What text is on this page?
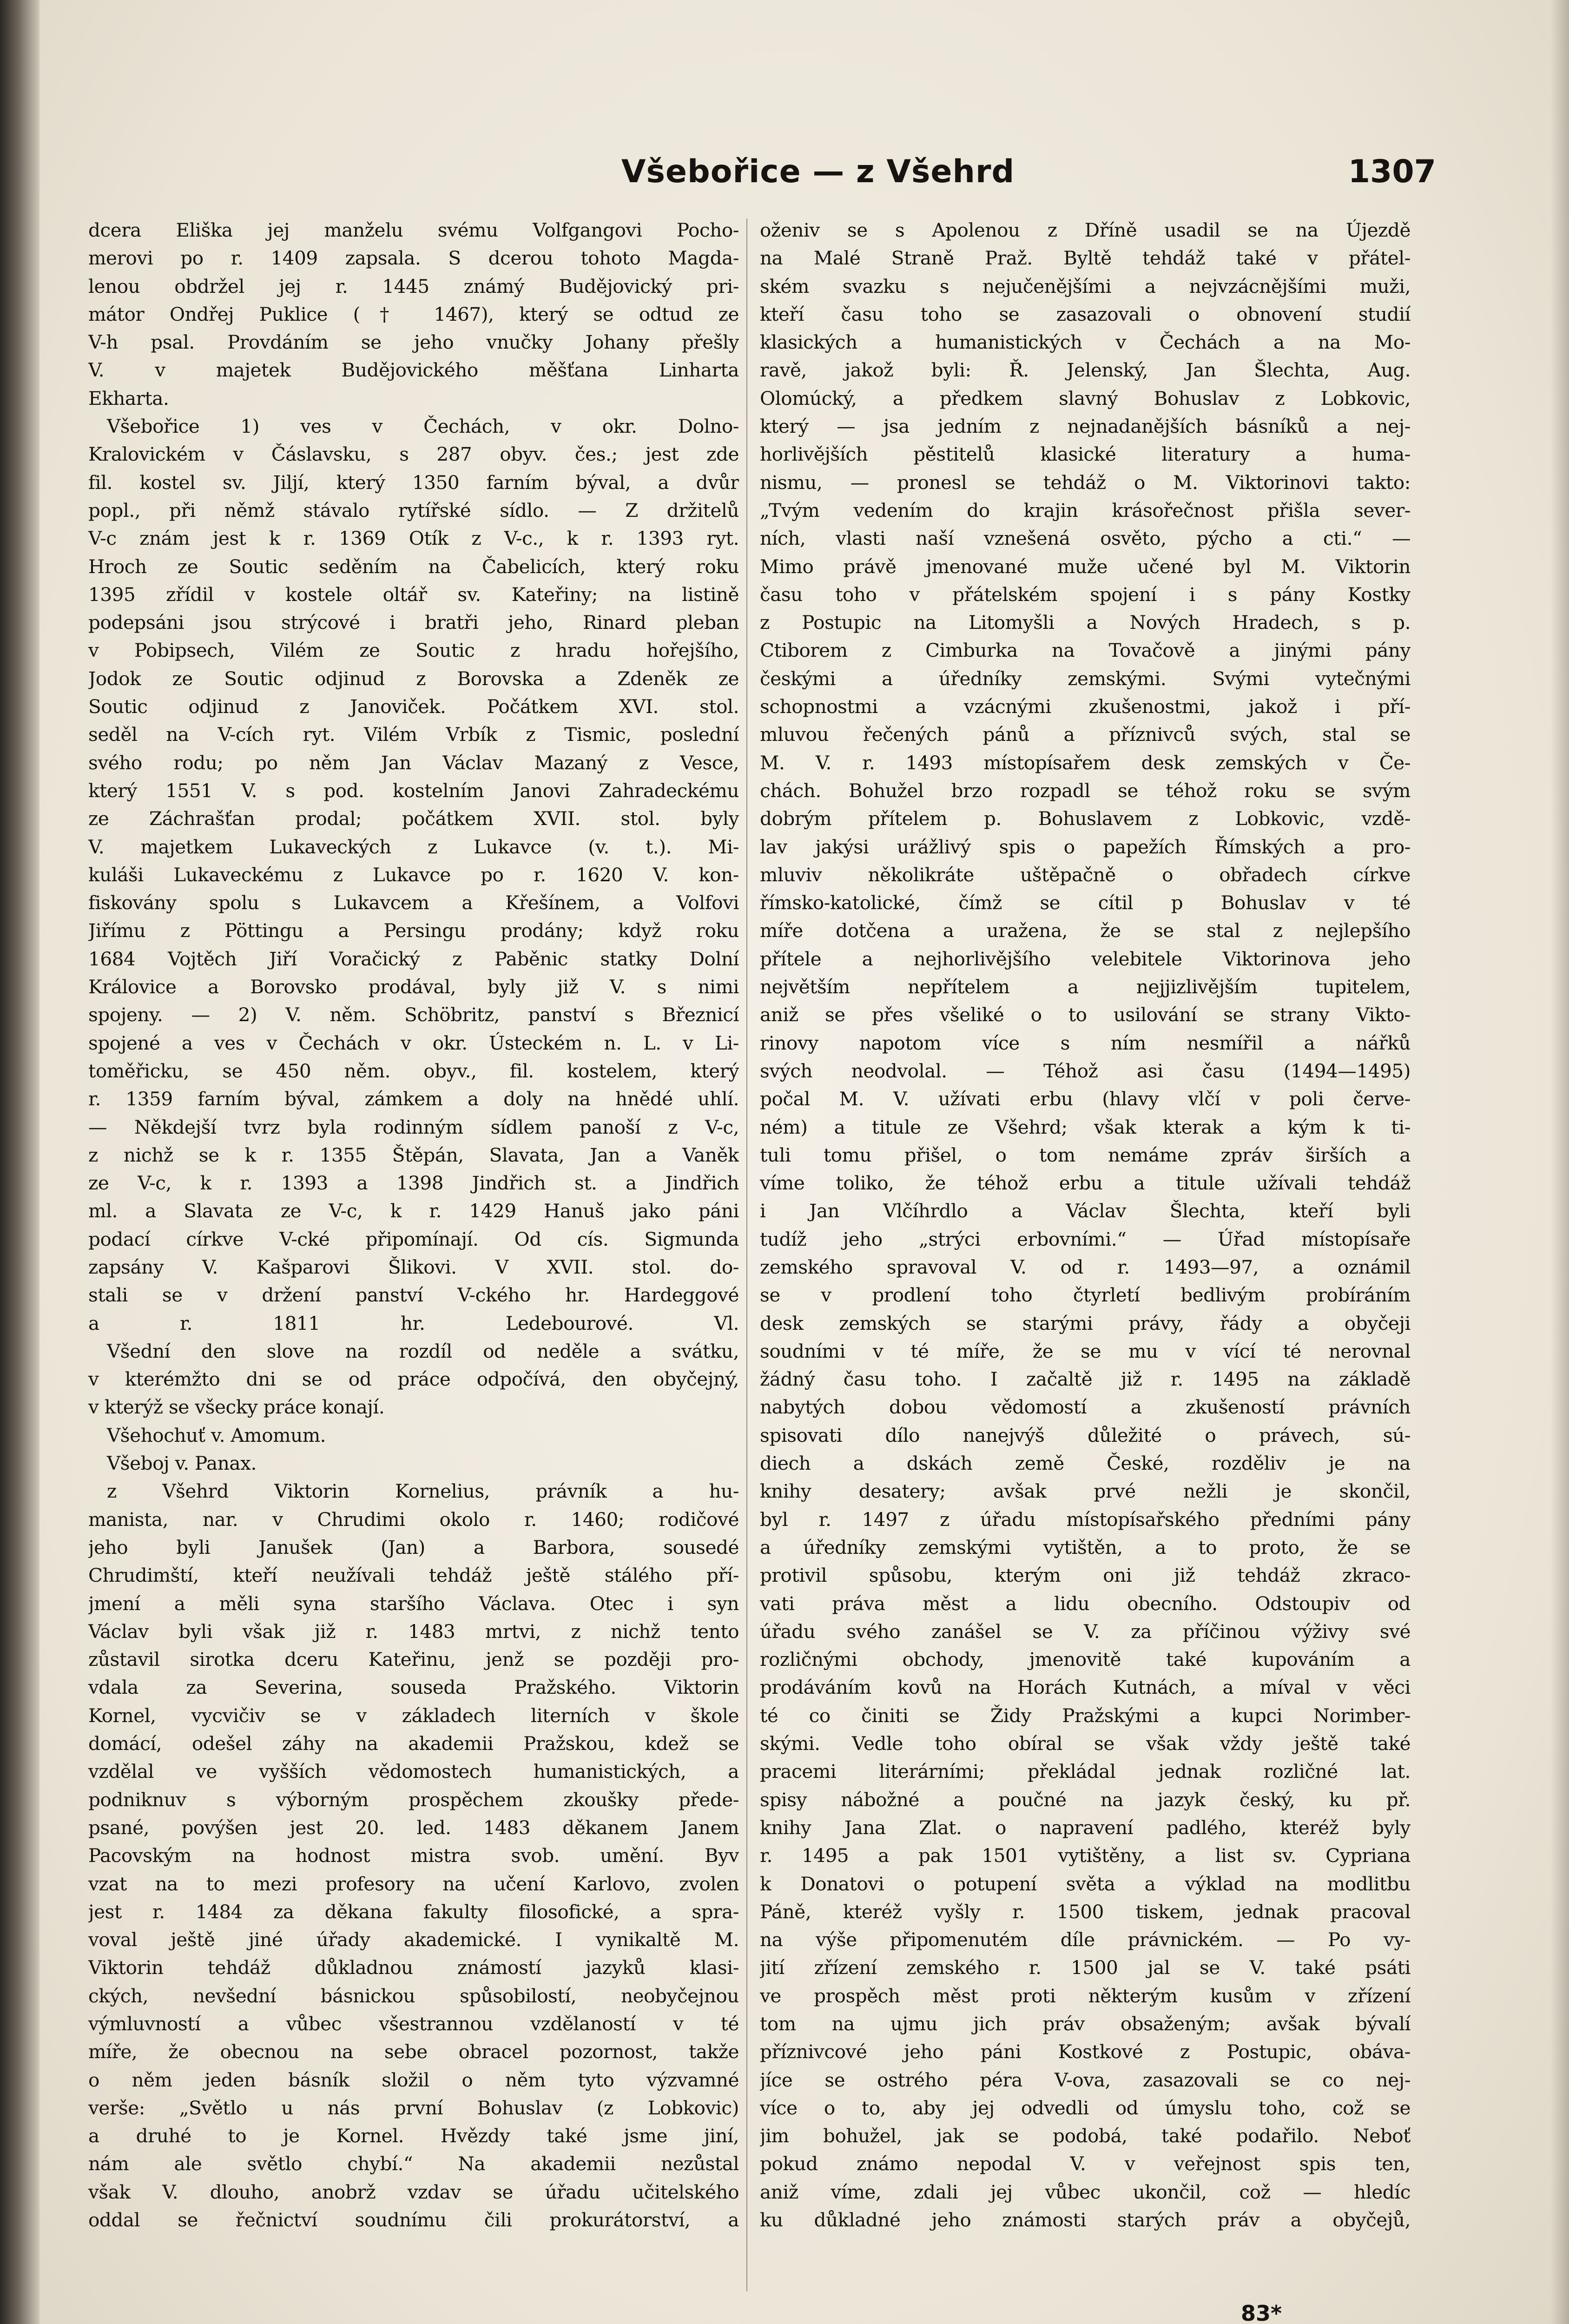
Všebořice — z Všehrd	1307
dcera Eliška jej manželu svému Volfgangovi Pocho-
merovi po r. 1409 zapsala. S dcerou tohoto Magda-
lenou obdržel jej r. 1445 známý Budějovický pri-
mátor Ondřej Puklice († 1467), který se odtud ze
V-h psal. Provdáním se jeho vnučky Johany přešly
V. v majetek Budějovického měšťana Linharta
Ekharta.
Všebořice 1) ves v Čechách, v okr. Dolno-
Kralovickém v Čáslavsku, s 287 obyv. čes.; jest zde
fil. kostel sv. Jiljí, který 1350 farním býval, a dvůr
popl., při němž stávalo rytířské sídlo. — Z držitelů
V-c znám jest k r. 1369 Otík z V-c., k r. 1393 ryt.
Hroch ze Soutic seděním na Čabelicích, který roku
1395 zřídil v kostele oltář sv. Kateřiny; na listině
podepsáni jsou strýcové i bratři jeho, Rinard pleban
v Pobipsech, Vilém ze Soutic z hradu hořejšího,
Jodok ze Soutic odjinud z Borovska a Zdeněk ze
Soutic odjinud z Janoviček. Počátkem XVI. stol.
seděl na V-cích ryt. Vilém Vrbík z Tismic, poslední
svého rodu; po něm Jan Václav Mazaný z Vesce,
který 1551 V. s pod. kostelním Janovi Zahradeckému
ze Záchrašťan prodal; počátkem XVII. stol. byly
V. majetkem Lukaveckých z Lukavce (v. t.). Mi-
kuláši Lukaveckému z Lukavce po r. 1620 V. kon-
fiskovány spolu s Lukavcem a Křešínem, a Volfovi
Jiřímu z Pöttingu a Persingu prodány; když roku
1684 Vojtěch Jiří Voračický z Paběnic statky Dolní
Královice a Borovsko prodával, byly již V. s nimi
spojeny. — 2) V. něm. Schöbritz, panství s Březnicí
spojené a ves v Čechách v okr. Ústeckém n. L. v Li-
toměřicku, se 450 něm. obyv., fil. kostelem, který
r. 1359 farním býval, zámkem a doly na hnědé uhlí.
— Někdejší tvrz byla rodinným sídlem panoší z V-c,
z nichž se k r. 1355 Štěpán, Slavata, Jan a Vaněk
ze V-c, k r. 1393 a 1398 Jindřich st. a Jindřich
ml. a Slavata ze V-c, k r. 1429 Hanuš jako páni
podací církve V-cké připomínají. Od cís. Sigmunda
zapsány V. Kašparovi Šlikovi. V XVII. stol. do-
stali se v držení panství V-ckého hr. Hardeggové
a r. 1811 hr. Ledebourové. Vl.
Všední den slove na rozdíl od neděle a svátku,
v kterémžto dni se od práce odpočívá, den obyčejný,
v kterýž se všecky práce konají.
Všehochuť v. Amomum.
Všeboj v. Panax.
z Všehrd Viktorin Kornelius, právník a hu-
manista, nar. v Chrudimi okolo r. 1460; rodičové
jeho byli Janušek (Jan) a Barbora, sousedé
Chrudimští, kteří neužívali tehdáž ještě stálého pří-
jmení a měli syna staršího Václava. Otec i syn
Václav byli však již r. 1483 mrtvi, z nichž tento
zůstavil sirotka dceru Kateřinu, jenž se později pro-
vdala za Severina, souseda Pražského. Viktorin
Kornel, vycvičiv se v základech literních v škole
domácí, odešel záhy na akademii Pražskou, kdež se
vzdělal ve vyšších vědomostech humanistických, a
podniknuv s výborným prospěchem zkoušky přede-
psané, povýšen jest 20. led. 1483 děkanem Janem
Pacovským na hodnost mistra svob. umění. Byv
vzat na to mezi profesory na učení Karlovo, zvolen
jest r. 1484 za děkana fakulty filosofické, a spra-
voval ještě jiné úřady akademické. I vynikaltě M.
Viktorin tehdáž důkladnou známostí jazyků klasi-
ckých, nevšední básnickou spůsobilostí, neobyčejnou
výmluvností a vůbec všestrannou vzdělaností v té
míře, že obecnou na sebe obracel pozornost, takže
o něm jeden básník složil o něm tyto výzvamné
verše: „Světlo u nás první Bohuslav (z Lobkovic)
a druhé to je Kornel. Hvězdy také jsme jiní,
nám ale světlo chybí.“ Na akademii nezůstal
však V. dlouho, anobrž vzdav se úřadu učitelského
oddal se řečnictví soudnímu čili prokurátorství, a
oženiv se s Apolenou z Dříně usadil se na Újezdě
na Malé Straně Praž. Byltě tehdáž také v přátel-
ském svazku s nejučenějšími a nejvzácnějšími muži,
kteří času toho se zasazovali o obnovení studií
klasických a humanistických v Čechách a na Mo-
ravě, jakož byli: Ř. Jelenský, Jan Šlechta, Aug.
Olomúcký, a předkem slavný Bohuslav z Lobkovic,
který — jsa jedním z nejnadanějších básníků a nej-
horlivějších pěstitelů klasické literatury a huma-
nismu, — pronesl se tehdáž o M. Viktorinovi takto:
„Tvým vedením do krajin krásořečnost přišla sever-
ních, vlasti naší vznešená osvěto, pýcho a cti.“ —
Mimo právě jmenované muže učené byl M. Viktorin
času toho v přátelském spojení i s pány Kostky
z Postupic na Litomyšli a Nových Hradech, s p.
Ctiborem z Cimburka na Tovačově a jinými pány
českými a úředníky zemskými. Svými vytečnými
schopnostmi a vzácnými zkušenostmi, jakož i pří-
mluvou řečených pánů a příznivců svých, stal se
M. V. r. 1493 místopísařem desk zemských v Če-
chách. Bohužel brzo rozpadl se téhož roku se svým
dobrým přítelem p. Bohuslavem z Lobkovic, vzdě-
lav jakýsi urážlivý spis o papežích Římských a pro-
mluviv několikráte uštěpačně o obřadech církve
římsko-katolické, čímž se cítil p Bohuslav v té
míře dotčena a uražena, že se stal z nejlepšího
přítele a nejhorlivějšího velebitele Viktorinova jeho
největším nepřítelem a nejjizlivějším tupitelem,
aniž se přes všeliké o to usilování se strany Vikto-
rinovy napotom více s ním nesmířil a nářků
svých neodvolal. — Téhož asi času (1494—1495)
počal M. V. užívati erbu (hlavy vlčí v poli červe-
ném) a titule ze Všehrd; však kterak a kým k ti-
tuli tomu přišel, o tom nemáme zpráv širších a
víme toliko, že téhož erbu a titule užívali tehdáž
i Jan Vlčíhrdlo a Václav Šlechta, kteří byli
tudíž jeho „strýci erbovními.“ — Úřad místopísaře
zemského spravoval V. od r. 1493—97, a oznámil
se v prodlení toho čtyrletí bedlivým probíráním
desk zemských se starými právy, řády a obyčeji
soudními v té míře, že se mu v vící té nerovnal
žádný času toho. I začaltě již r. 1495 na základě
nabytých dobou vědomostí a zkušeností právních
spisovati dílo nanejvýš důležité o právech, sú-
diech a dskách země České, rozděliv je na
knihy desatery; avšak prvé nežli je skončil,
byl r. 1497 z úřadu místopísařského předními pány
a úředníky zemskými vytištěn, a to proto, že se
protivil spůsobu, kterým oni již tehdáž zkraco-
vati práva měst a lidu obecního. Odstoupiv od
úřadu svého zanášel se V. za příčinou výživy své
rozličnými obchody, jmenovitě také kupováním a
prodáváním kovů na Horách Kutnách, a míval v věci
té co činiti se Židy Pražskými a kupci Norimber-
skými. Vedle toho obíral se však vždy ještě také
pracemi literárními; překládal jednak rozličné lat.
spisy nábožné a poučné na jazyk český, ku př.
knihy Jana Zlat. o napravení padlého, kteréž byly
r. 1495 a pak 1501 vytištěny, a list sv. Cypriana
k Donatovi o potupení světa a výklad na modlitbu
Páně, kteréž vyšly r. 1500 tiskem, jednak pracoval
na výše připomenutém díle právnickém. — Po vy-
jití zřízení zemského r. 1500 jal se V. také psáti
ve prospěch měst proti některým kusům v zřízení
tom na ujmu jich práv obsaženým; avšak bývalí
příznivcové jeho páni Kostkové z Postupic, obáva-
jíce se ostrého péra V-ova, zasazovali se co nej-
více o to, aby jej odvedli od úmyslu toho, což se
jim bohužel, jak se podobá, také podařilo. Neboť
pokud známo nepodal V. v veřejnost spis ten,
aniž víme, zdali jej vůbec ukončil, což — hledíc
ku důkladné jeho známosti starých práv a obyčejů,
83*
